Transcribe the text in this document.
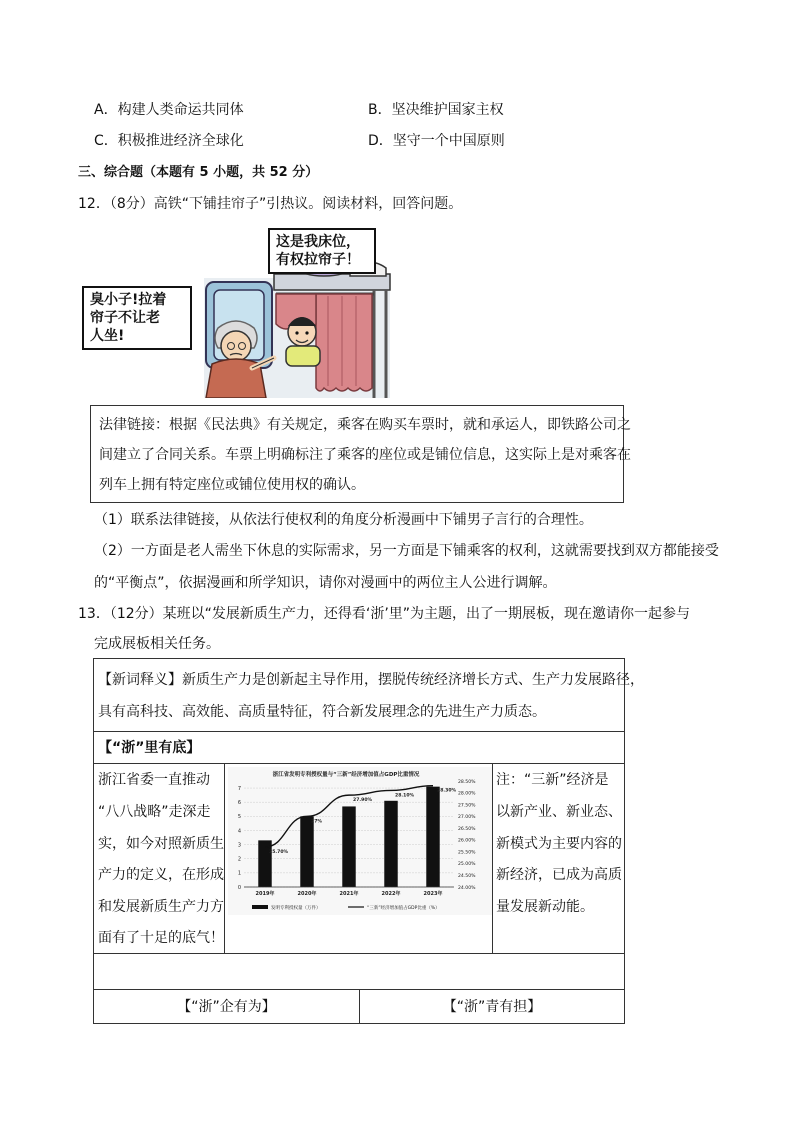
A．构建人类命运共同体	B．坚决维护国家主权
C．积极推进经济全球化	D．坚守一个中国原则
三、综合题（本题有 5 小题，共 52 分）
12．（8分）高铁“下铺挂帘子”引热议。阅读材料，回答问题。
这是我床位，
有权拉帘子！
臭小子!拉着
帘子不让老
人坐!
法律链接：根据《民法典》有关规定，乘客在购买车票时，就和承运人，即铁路公司之
间建立了合同关系。车票上明确标注了乘客的座位或是铺位信息，这实际上是对乘客在
列车上拥有特定座位或铺位使用权的确认。
（1）联系法律链接，从依法行使权利的角度分析漫画中下铺男子言行的合理性。
（2）一方面是老人需坐下休息的实际需求，另一方面是下铺乘客的权利，这就需要找到双方都能接受
的“平衡点”，依据漫画和所学知识，请你对漫画中的两位主人公进行调解。
13．（12分）某班以“发展新质生产力，还得看‘浙’里”为主题，出了一期展板，现在邀请你一起参与
完成展板相关任务。
【新词释义】新质生产力是创新起主导作用，摆脱传统经济增长方式、生产力发展路径，
具有高科技、高效能、高质量特征，符合新发展理念的先进生产力质态。
【“浙”里有底】
浙江省委一直推动
“八八战略”走深走
实，如今对照新质生
产力的定义，在形成
和发展新质生产力方
面有了十足的底气！
浙江省发明专利授权量与“三新”经济增加值占GDP比重情况
25.70%
27%
27.90%
28.10%
28.30%
0
1
2
3
4
5
6
7
24.00%
24.50%
25.00%
25.50%
26.00%
26.50%
27.00%
27.50%
28.00%
28.50%
2019年	2020年	2021年	2022年	2023年
发明专利授权量（万件）	“三新”经济增加值占GDP比重（%）
注：“三新”经济是
以新产业、新业态、
新模式为主要内容的
新经济，已成为高质
量发展新动能。
【“浙”企有为】	【“浙”青有担】
